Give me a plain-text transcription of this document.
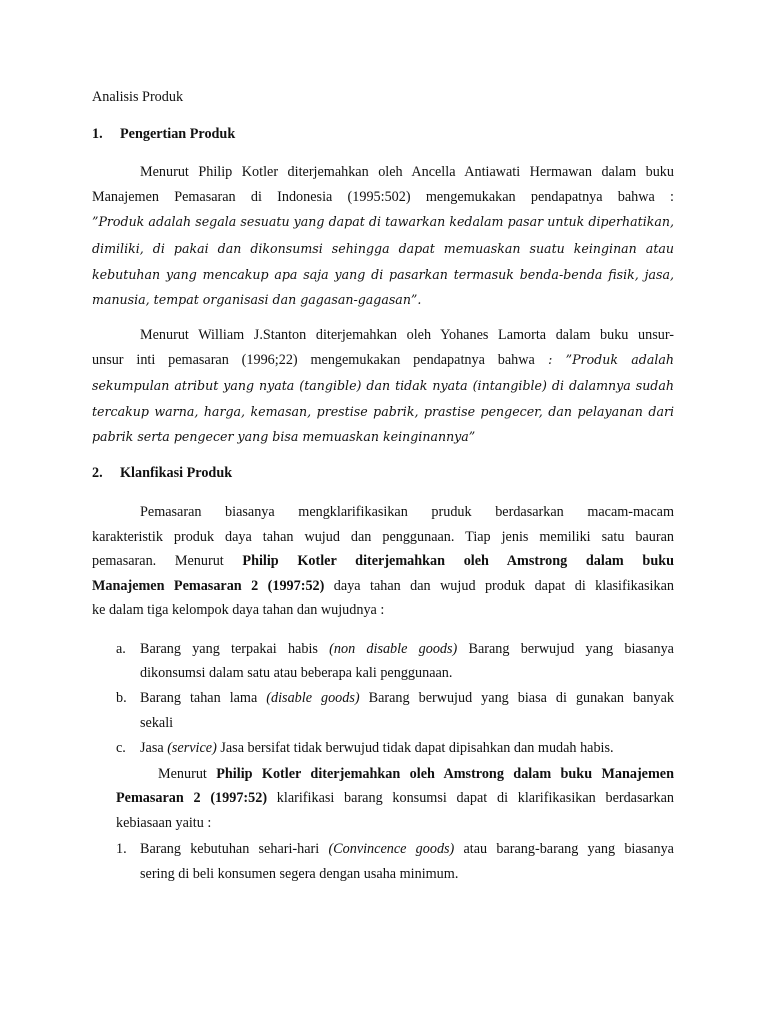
Analisis Produk
1. Pengertian Produk
Menurut Philip Kotler diterjemahkan oleh Ancella Antiawati Hermawan dalam buku
Manajemen Pemasaran di Indonesia (1995:502) mengemukakan pendapatnya bahwa :
”Produk adalah segala sesuatu yang dapat di tawarkan kedalam pasar untuk diperhatikan,
dimiliki, di pakai dan dikonsumsi sehingga dapat memuaskan suatu keinginan atau
kebutuhan yang mencakup apa saja yang di pasarkan termasuk benda-benda fisik, jasa,
manusia, tempat organisasi dan gagasan-gagasan”.
Menurut William J.Stanton diterjemahkan oleh Yohanes Lamorta dalam buku unsur-
unsur inti pemasaran (1996;22) mengemukakan pendapatnya bahwa : ”Produk adalah
sekumpulan atribut yang nyata (tangible) dan tidak nyata (intangible) di dalamnya sudah
tercakup warna, harga, kemasan, prestise pabrik, prastise pengecer, dan pelayanan dari
pabrik serta pengecer yang bisa memuaskan keinginannya”
2. Klanfikasi Produk
Pemasaran biasanya mengklarifikasikan pruduk berdasarkan macam-macam
karakteristik produk daya tahan wujud dan penggunaan. Tiap jenis memiliki satu bauran
pemasaran. Menurut Philip Kotler diterjemahkan oleh Amstrong dalam buku
Manajemen Pemasaran 2 (1997:52) daya tahan dan wujud produk dapat di klasifikasikan
ke dalam tiga kelompok daya tahan dan wujudnya :
a. Barang yang terpakai habis (non disable goods) Barang berwujud yang biasanya
dikonsumsi dalam satu atau beberapa kali penggunaan.
b. Barang tahan lama (disable goods) Barang berwujud yang biasa di gunakan banyak
sekali
c. Jasa (service) Jasa bersifat tidak berwujud tidak dapat dipisahkan dan mudah habis.
Menurut Philip Kotler diterjemahkan oleh Amstrong dalam buku Manajemen
Pemasaran 2 (1997:52) klarifikasi barang konsumsi dapat di klarifikasikan berdasarkan
kebiasaan yaitu :
1. Barang kebutuhan sehari-hari (Convincence goods) atau barang-barang yang biasanya
sering di beli konsumen segera dengan usaha minimum.
